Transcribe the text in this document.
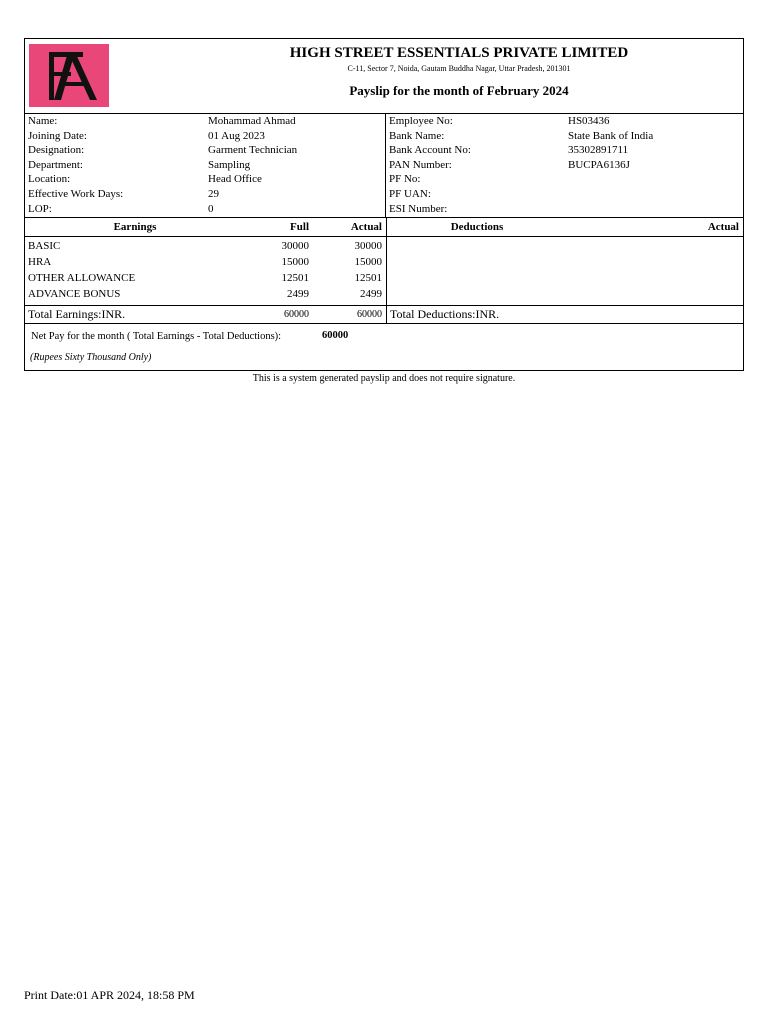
HIGH STREET ESSENTIALS PRIVATE LIMITED
C-11, Sector 7, Noida, Gautam Buddha Nagar, Uttar Pradesh, 201301
Payslip for the month of February 2024
Name:	Mohammad Ahmad
Joining Date:	01 Aug 2023
Designation:	Garment Technician
Department:	Sampling
Location:	Head Office
Effective Work Days:	29
LOP:	0
Employee No:	HS03436
Bank Name:	State Bank of India
Bank Account No:	35302891711
PAN Number:	BUCPA6136J
PF No:
PF UAN:
ESI Number:
Earnings	Full	Actual
BASIC	30000	30000
HRA	15000	15000
OTHER ALLOWANCE	12501	12501
ADVANCE BONUS	2499	2499
Total Earnings:INR.	60000	60000
Deductions	Actual
Total Deductions:INR.
Net Pay for the month ( Total Earnings - Total Deductions):	60000
(Rupees Sixty Thousand Only)
This is a system generated payslip and does not require signature.
Print Date:01 APR 2024, 18:58 PM
